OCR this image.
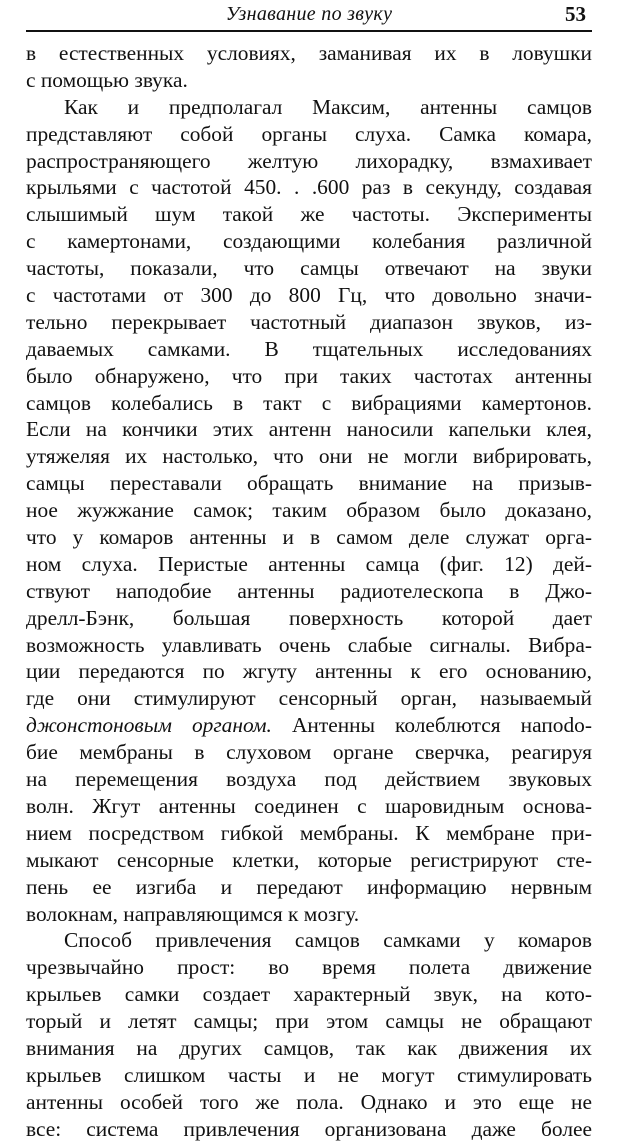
Узнавание по звуку	53
в естественных условиях, заманивая их в ловушки
с помощью звука.
Как и предполагал Максим, антенны самцов
представляют собой органы слуха. Самка комара,
распространяющего желтую лихорадку, взмахивает
крыльями с частотой 450. . .600 раз в секунду, создавая
слышимый шум такой же частоты. Эксперименты
с камертонами, создающими колебания различной
частоты, показали, что самцы отвечают на звуки
с частотами от 300 до 800 Гц, что довольно значи-
тельно перекрывает частотный диапазон звуков, из-
даваемых самками. В тщательных исследованиях
было обнаружено, что при таких частотах антенны
самцов колебались в такт с вибрациями камертонов.
Если на кончики этих антенн наносили капельки клея,
утяжеляя их настолько, что они не могли вибрировать,
самцы переставали обращать внимание на призыв-
ное жужжание самок; таким образом было доказано,
что у комаров антенны и в самом деле служат орга-
ном слуха. Перистые антенны самца (фиг. 12) дей-
ствуют наподобие антенны радиотелескопа в Джо-
дрелл-Бэнк, большая поверхность которой дает
возможность улавливать очень слабые сигналы. Вибра-
ции передаются по жгуту антенны к его основанию,
где они стимулируют сенсорный орган, называемый
джонстоновым органом. Антенны колеблются напodo-
бие мембраны в слуховом органе сверчка, реагируя
на перемещения воздуха под действием звуковых
волн. Жгут антенны соединен с шаровидным основа-
нием посредством гибкой мембраны. К мембране при-
мыкают сенсорные клетки, которые регистрируют сте-
пень ее изгиба и передают информацию нервным
волокнам, направляющимся к мозгу.
Способ привлечения самцов самками у комаров
чрезвычайно прост: во время полета движение
крыльев самки создает характерный звук, на кото-
торый и летят самцы; при этом самцы не обращают
внимания на других самцов, так как движения их
крыльев слишком часты и не могут стимулировать
антенны особей того же пола. Однако и это еще не
все: система привлечения организована даже более
